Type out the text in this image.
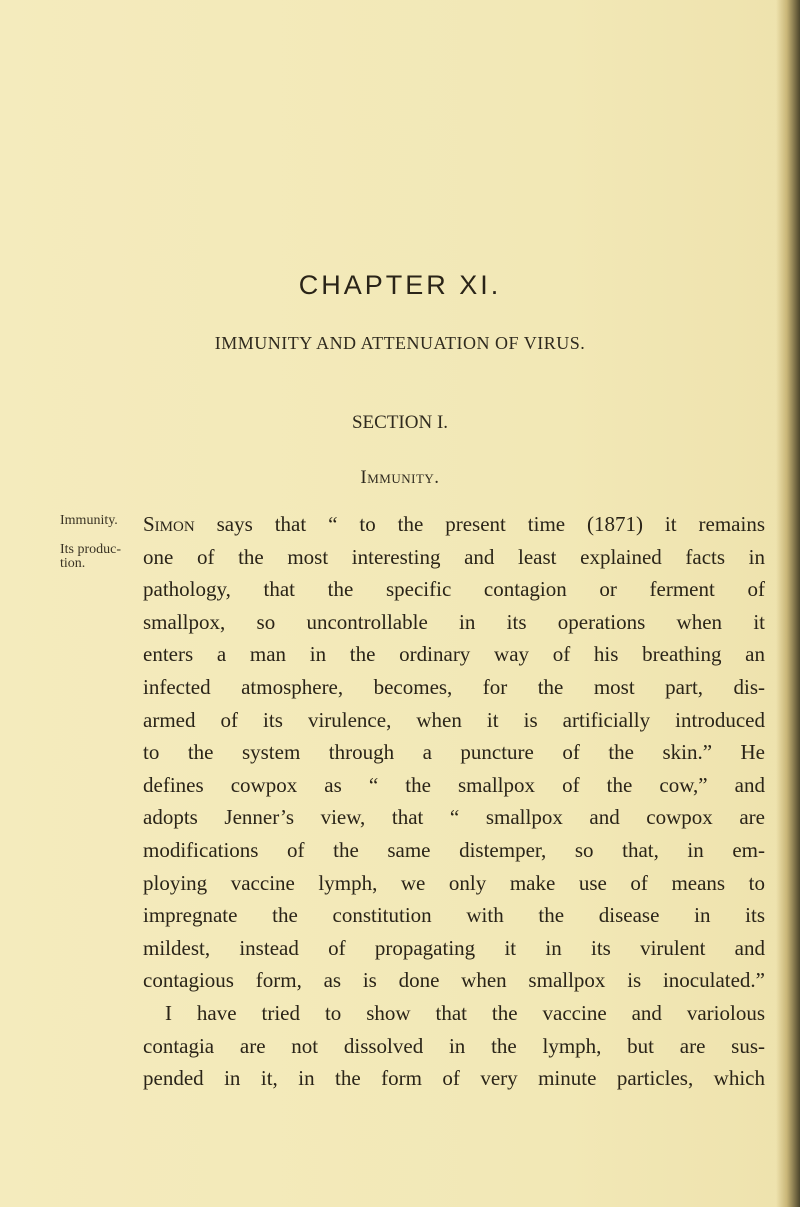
CHAPTER XI.
IMMUNITY AND ATTENUATION OF VIRUS.
SECTION I.
Immunity.
Immunity.
Its produc-tion.
Simon says that “ to the present time (1871) it remains
one of the most interesting and least explained facts in
pathology, that the specific contagion or ferment of
smallpox, so uncontrollable in its operations when it
enters a man in the ordinary way of his breathing an
infected atmosphere, becomes, for the most part, dis-
armed of its virulence, when it is artificially introduced
to the system through a puncture of the skin.” He
defines cowpox as “ the smallpox of the cow,” and
adopts Jenner’s view, that “ smallpox and cowpox are
modifications of the same distemper, so that, in em-
ploying vaccine lymph, we only make use of means to
impregnate the constitution with the disease in its
mildest, instead of propagating it in its virulent and
contagious form, as is done when smallpox is inoculated.”
I have tried to show that the vaccine and variolous
contagia are not dissolved in the lymph, but are sus-
pended in it, in the form of very minute particles, which
